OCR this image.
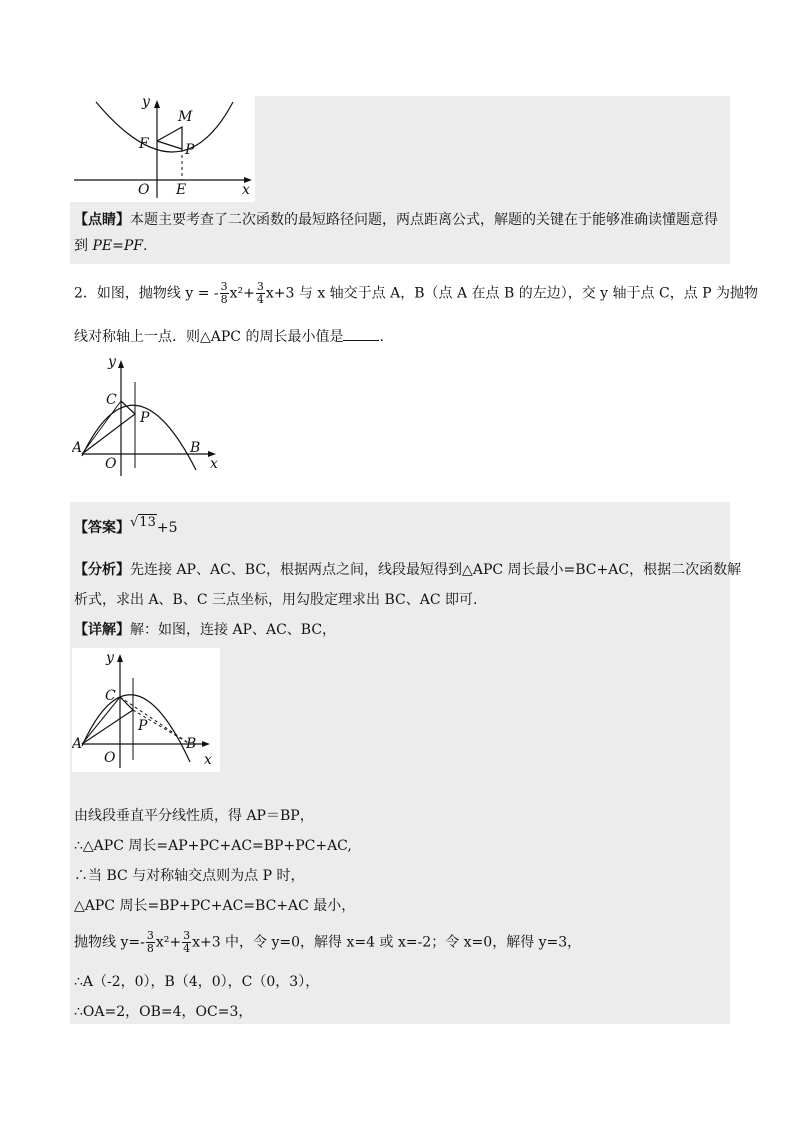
y
M
F	P
O E	x
【点睛】本题主要考查了二次函数的最短路径问题，两点距离公式，解题的关键在于能够准确读懂题意得
到 PE=PF.
2．如图，抛物线 y = - $\frac{3}{8} x^2+ \frac{3}{4} x+3$ 与 x 轴交于点 A，B（点 A 在点 B 的左边），交 y 轴于点 C，点 P 为抛物
线对称轴上一点．则△APC 的周长最小值是	.
y
C
P
A	B
O	x
【答案】√13+5
【分析】先连接 AP、AC、BC，根据两点之间，线段最短得到△APC 周长最小=BC+AC，根据二次函数解
析式，求出 A、B、C 三点坐标，用勾股定理求出 BC、AC 即可.
【详解】解：如图，连接 AP、AC、BC，
y
C
P
A	B
O	x
由线段垂直平分线性质，得 AP＝BP，
∴△APC 周长=AP+PC+AC=BP+PC+AC,
∴当 BC 与对称轴交点则为点 P 时，
△APC 周长=BP+PC+AC=BC+AC 最小，
抛物线 $y=- \frac{3}{8} x^2+ \frac{3}{4} x+3$ 中，令 y=0，解得 x=4 或 x=-2；令 x=0，解得 y=3，
∴A（-2，0），B（4，0），C（0，3），
∴OA=2，OB=4，OC=3，
